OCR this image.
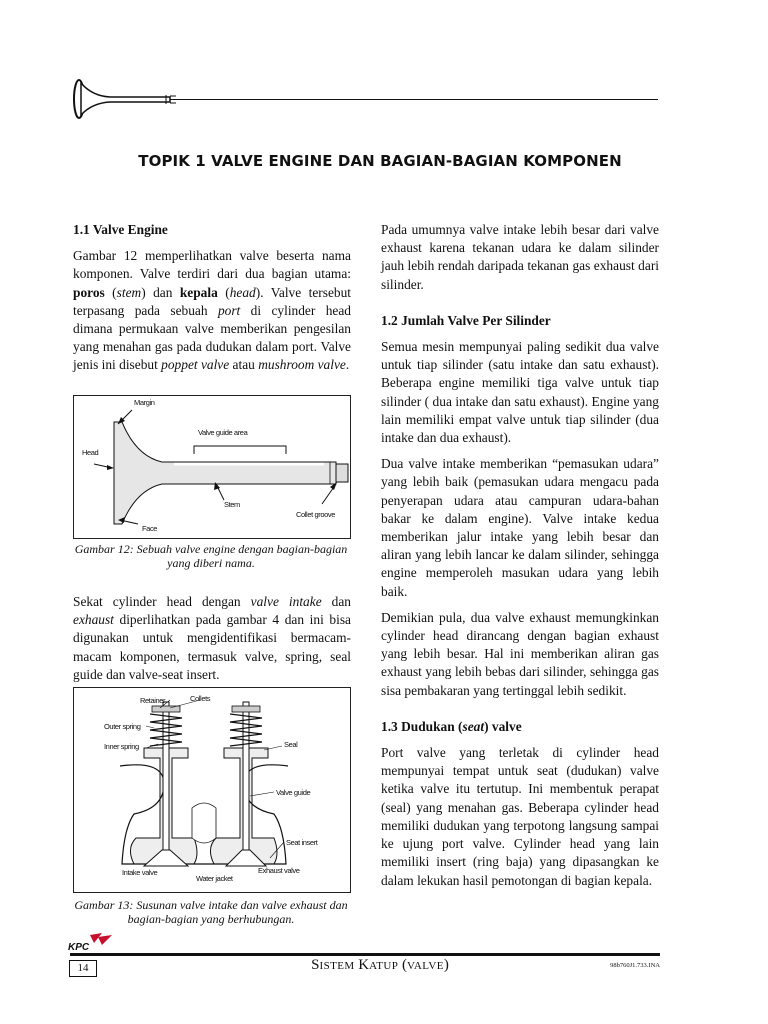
TOPIK 1 VALVE ENGINE DAN BAGIAN-BAGIAN KOMPONEN
1.1 Valve Engine

Gambar 12 memperlihatkan valve beserta nama komponen. Valve terdiri dari dua bagian utama: poros (stem) dan kepala (head). Valve tersebut terpasang pada sebuah port di cylinder head dimana permukaan valve memberikan pengesilan yang menahan gas pada dudukan dalam port. Valve jenis ini disebut poppet valve atau mushroom valve.

Margin
Valve guide area
Head
Stem
Collet groove
Face
Gambar 12: Sebuah valve engine dengan bagian-bagian yang diberi nama.

Sekat cylinder head dengan valve intake dan exhaust diperlihatkan pada gambar 4 dan ini bisa digunakan untuk mengidentifikasi bermacam-macam komponen, termasuk valve, spring, seal guide dan valve-seat insert.

Retainer	Collets
Outer spring
Inner spring	Seal
Valve guide
Seat insert
Intake valve
Water jacket
Exhaust valve
Gambar 13: Susunan valve intake dan valve exhaust dan bagian-bagian yang berhubungan.

Pada umumnya valve intake lebih besar dari valve exhaust karena tekanan udara ke dalam silinder jauh lebih rendah daripada tekanan gas exhaust dari silinder.

1.2 Jumlah Valve Per Silinder

Semua mesin mempunyai paling sedikit dua valve untuk tiap silinder (satu intake dan satu exhaust). Beberapa engine memiliki tiga valve untuk tiap silinder ( dua intake dan satu exhaust). Engine yang lain memiliki empat valve untuk tiap silinder (dua intake dan dua exhaust).

Dua valve intake memberikan “pemasukan udara” yang lebih baik (pemasukan udara mengacu pada penyerapan udara atau campuran udara-bahan bakar ke dalam engine). Valve intake kedua memberikan jalur intake yang lebih besar dan aliran yang lebih lancar ke dalam silinder, sehingga engine memperoleh masukan udara yang lebih baik.

Demikian pula, dua valve exhaust memungkinkan cylinder head dirancang dengan bagian exhaust yang lebih besar. Hal ini memberikan aliran gas exhaust yang lebih bebas dari silinder, sehingga gas sisa pembakaran yang tertinggal lebih sedikit.

1.3 Dudukan (seat) valve

Port valve yang terletak di cylinder head mempunyai tempat untuk seat (dudukan) valve ketika valve itu tertutup. Ini membentuk perapat (seal) yang menahan gas. Beberapa cylinder head memiliki dudukan yang terpotong langsung sampai ke ujung port valve. Cylinder head yang lain memiliki insert (ring baja) yang dipasangkan ke dalam lekukan hasil pemotongan di bagian kepala.

KPC
14	SISTEM KATUP (VALVE)	98b760J1.733.INA
